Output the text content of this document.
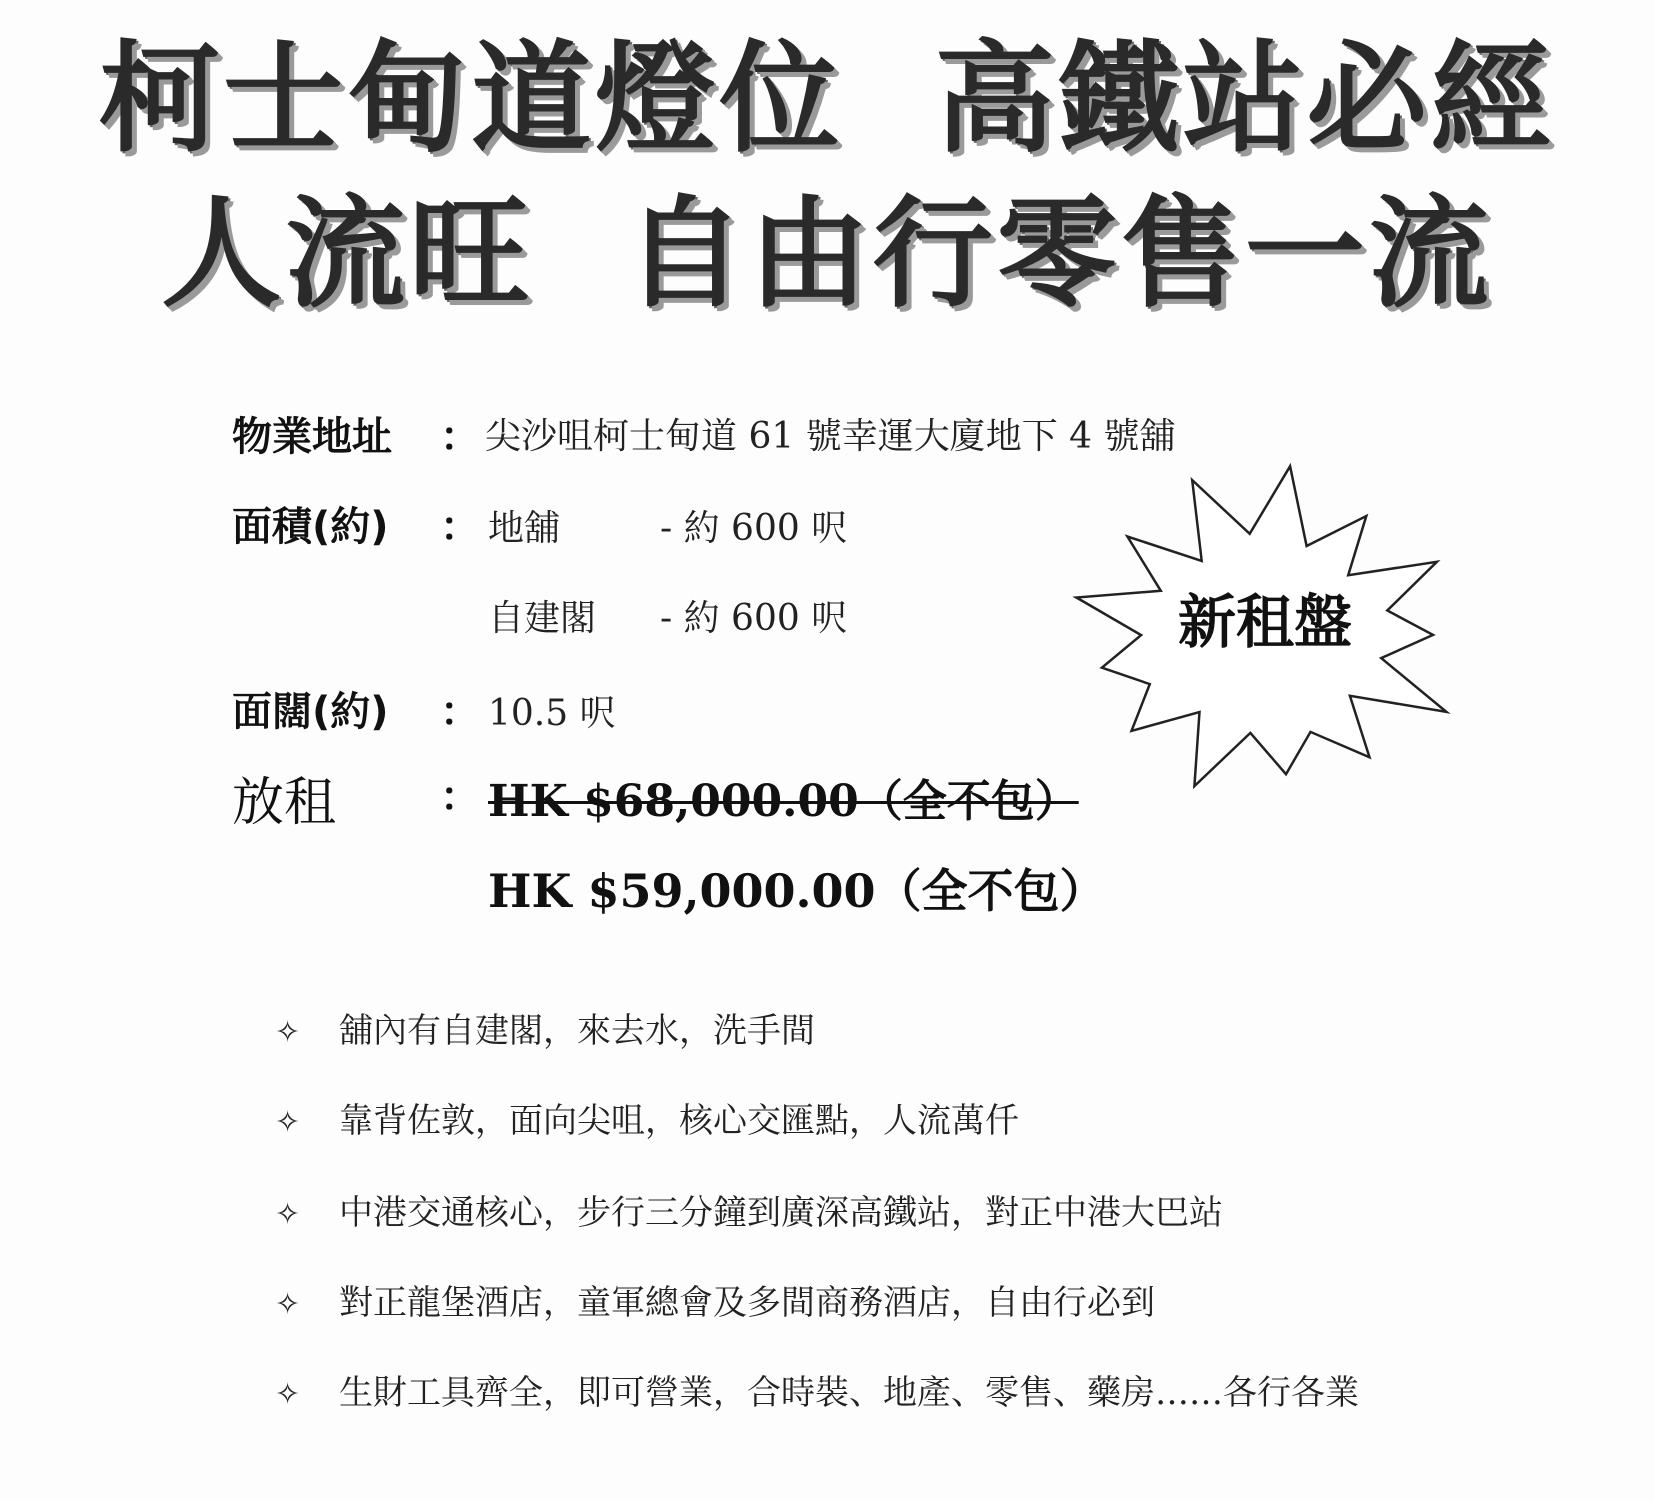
柯士甸道燈位  高鐵站必經
人流旺  自由行零售一流
物業地址 ： 尖沙咀柯士甸道 61 號幸運大廈地下 4 號舖
面積(約) ： 地舖	- 約 600 呎
自建閣 - 約 600 呎
面闊(約) ： 10.5 呎
放租	： HK $68,000.00（全不包）
HK $59,000.00（全不包）
新租盤
✧ 舖內有自建閣，來去水，洗手間
✧ 靠背佐敦，面向尖咀，核心交匯點，人流萬仟
✧ 中港交通核心，步行三分鐘到廣深高鐵站，對正中港大巴站
✧ 對正龍堡酒店，童軍總會及多間商務酒店，自由行必到
✧ 生財工具齊全，即可營業，合時裝、地產、零售、藥房……各行各業
